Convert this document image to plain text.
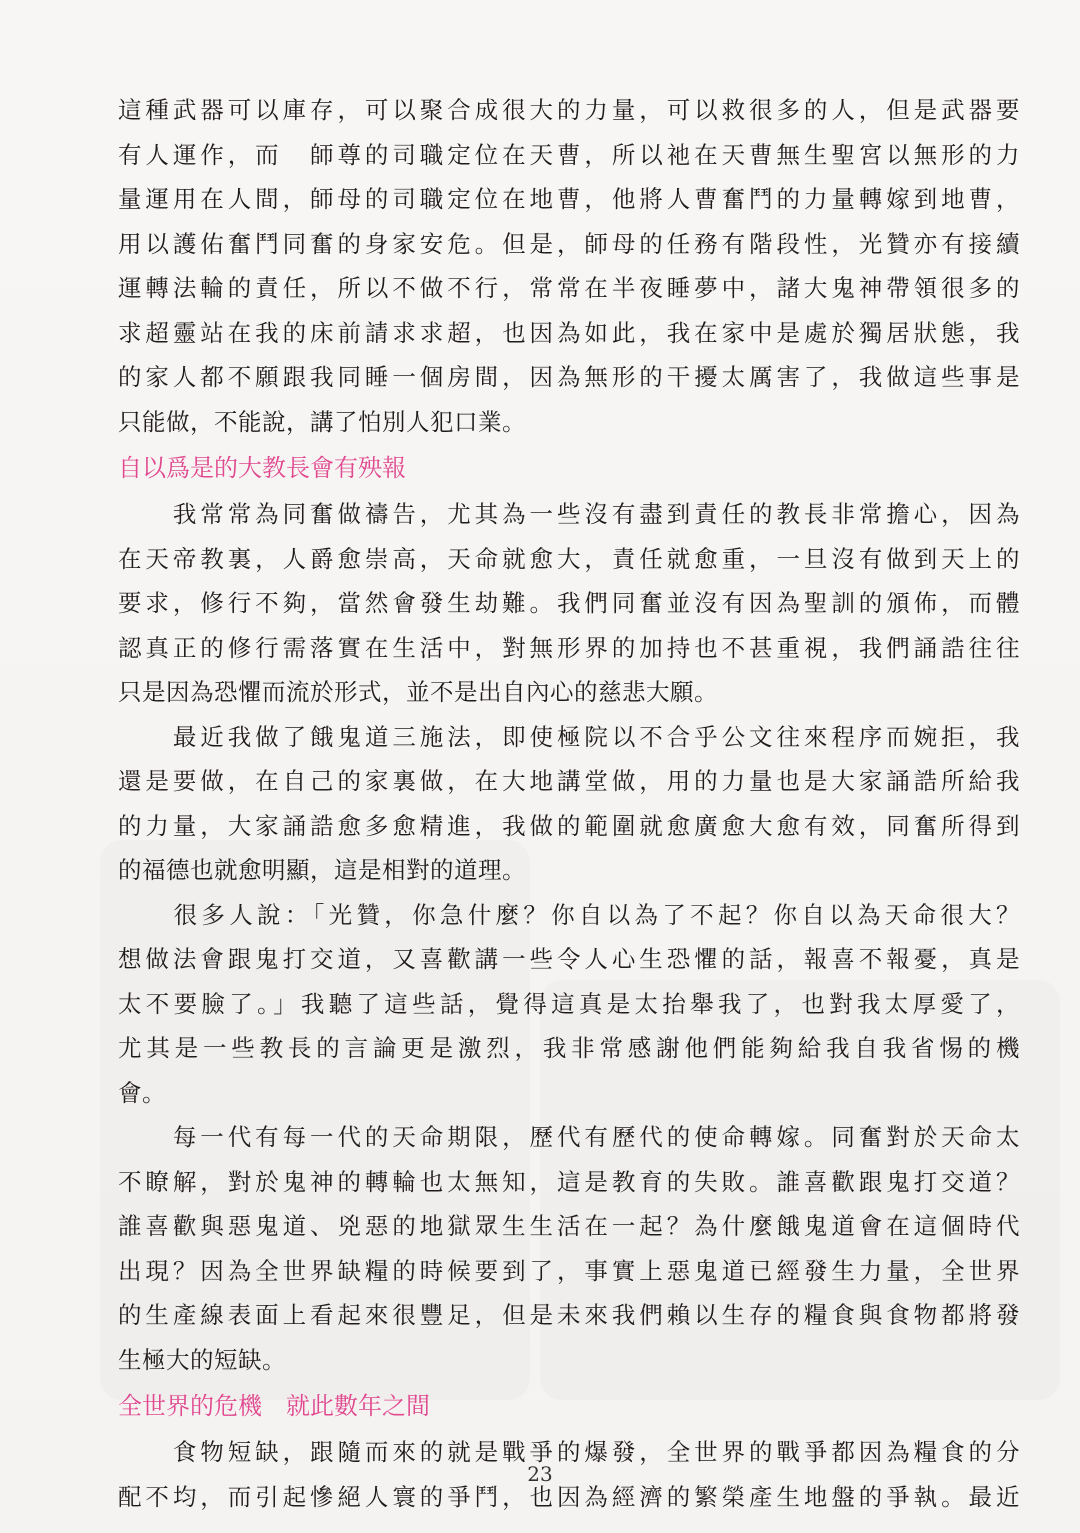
這種武器可以庫存，可以聚合成很大的力量，可以救很多的人，但是武器要
有人運作，而　師尊的司職定位在天曹，所以祂在天曹無生聖宮以無形的力
量運用在人間，師母的司職定位在地曹，他將人曹奮鬥的力量轉嫁到地曹，
用以護佑奮鬥同奮的身家安危。但是，師母的任務有階段性，光贊亦有接續
運轉法輪的責任，所以不做不行，常常在半夜睡夢中，諸大鬼神帶領很多的
求超靈站在我的床前請求求超，也因為如此，我在家中是處於獨居狀態，我
的家人都不願跟我同睡一個房間，因為無形的干擾太厲害了，我做這些事是
只能做，不能說，講了怕別人犯口業。
自以爲是的大教長會有殃報
　　我常常為同奮做禱告，尤其為一些沒有盡到責任的教長非常擔心，因為
在天帝教裏，人爵愈崇高，天命就愈大，責任就愈重，一旦沒有做到天上的
要求，修行不夠，當然會發生劫難。我們同奮並沒有因為聖訓的頒佈，而體
認真正的修行需落實在生活中，對無形界的加持也不甚重視，我們誦誥往往
只是因為恐懼而流於形式，並不是出自內心的慈悲大願。
　　最近我做了餓鬼道三施法，即使極院以不合乎公文往來程序而婉拒，我
還是要做，在自己的家裏做，在大地講堂做，用的力量也是大家誦誥所給我
的力量，大家誦誥愈多愈精進，我做的範圍就愈廣愈大愈有效，同奮所得到
的福德也就愈明顯，這是相對的道理。
　　很多人說：「光贊，你急什麼？你自以為了不起？你自以為天命很大？
想做法會跟鬼打交道，又喜歡講一些令人心生恐懼的話，報喜不報憂，真是
太不要臉了。」我聽了這些話，覺得這真是太抬舉我了，也對我太厚愛了，
尤其是一些教長的言論更是激烈，我非常感謝他們能夠給我自我省惕的機
會。
　　每一代有每一代的天命期限，歷代有歷代的使命轉嫁。同奮對於天命太
不瞭解，對於鬼神的轉輪也太無知，這是教育的失敗。誰喜歡跟鬼打交道？
誰喜歡與惡鬼道、兇惡的地獄眾生生活在一起？為什麼餓鬼道會在這個時代
出現？因為全世界缺糧的時候要到了，事實上惡鬼道已經發生力量，全世界
的生產線表面上看起來很豐足，但是未來我們賴以生存的糧食與食物都將發
生極大的短缺。
全世界的危機　就此數年之間
　　食物短缺，跟隨而來的就是戰爭的爆發，全世界的戰爭都因為糧食的分
配不均，而引起慘絕人寰的爭鬥，也因為經濟的繁榮產生地盤的爭執。最近
23
